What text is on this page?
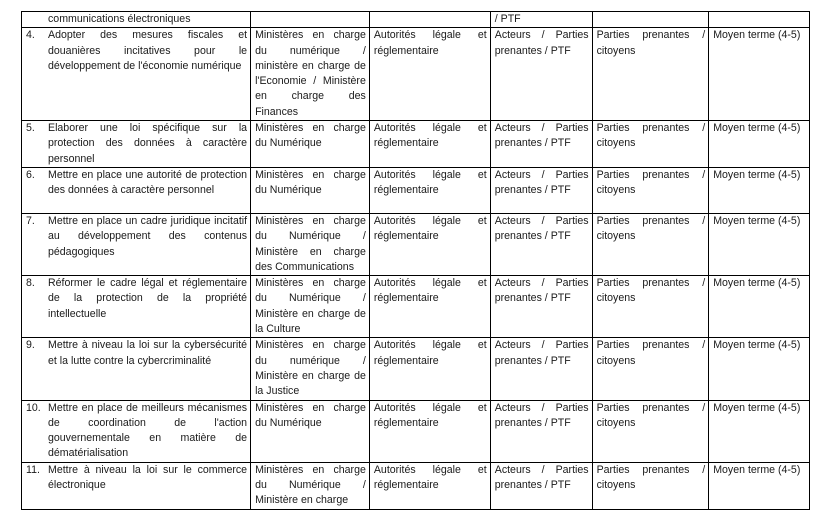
communications électroniques			/ PTF		

4. Adopter des mesures fiscales et douanières incitatives pour le développement de l'économie numérique	Ministères en charge du numérique / ministère en charge de l'Economie / Ministère en charge des Finances	Autorités légale et réglementaire	Acteurs / Parties prenantes / PTF	Parties prenantes / citoyens	Moyen terme (4-5)

5. Elaborer une loi spécifique sur la protection des données à caractère personnel	Ministères en charge du Numérique	Autorités légale et réglementaire	Acteurs / Parties prenantes / PTF	Parties prenantes / citoyens	Moyen terme (4-5)

6. Mettre en place une autorité de protection des données à caractère personnel	Ministères en charge du Numérique	Autorités légale et réglementaire	Acteurs / Parties prenantes / PTF	Parties prenantes / citoyens	Moyen terme (4-5)

7. Mettre en place un cadre juridique incitatif au développement des contenus pédagogiques	Ministères en charge du Numérique / Ministère en charge des Communications	Autorités légale et réglementaire	Acteurs / Parties prenantes / PTF	Parties prenantes / citoyens	Moyen terme (4-5)

8. Réformer le cadre légal et réglementaire de la protection de la propriété intellectuelle	Ministères en charge du Numérique / Ministère en charge de la Culture	Autorités légale et réglementaire	Acteurs / Parties prenantes / PTF	Parties prenantes / citoyens	Moyen terme (4-5)

9. Mettre à niveau la loi sur la cybersécurité et la lutte contre la cybercriminalité	Ministères en charge du numérique / Ministère en charge de la Justice	Autorités légale et réglementaire	Acteurs / Parties prenantes / PTF	Parties prenantes / citoyens	Moyen terme (4-5)

10. Mettre en place de meilleurs mécanismes de coordination de l'action gouvernementale en matière de dématérialisation	Ministères en charge du Numérique	Autorités légale et réglementaire	Acteurs / Parties prenantes / PTF	Parties prenantes / citoyens	Moyen terme (4-5)

11. Mettre à niveau la loi sur le commerce électronique	Ministères en charge du Numérique / Ministère en charge	Autorités légale et réglementaire	Acteurs / Parties prenantes / PTF	Parties prenantes / citoyens	Moyen terme (4-5)
